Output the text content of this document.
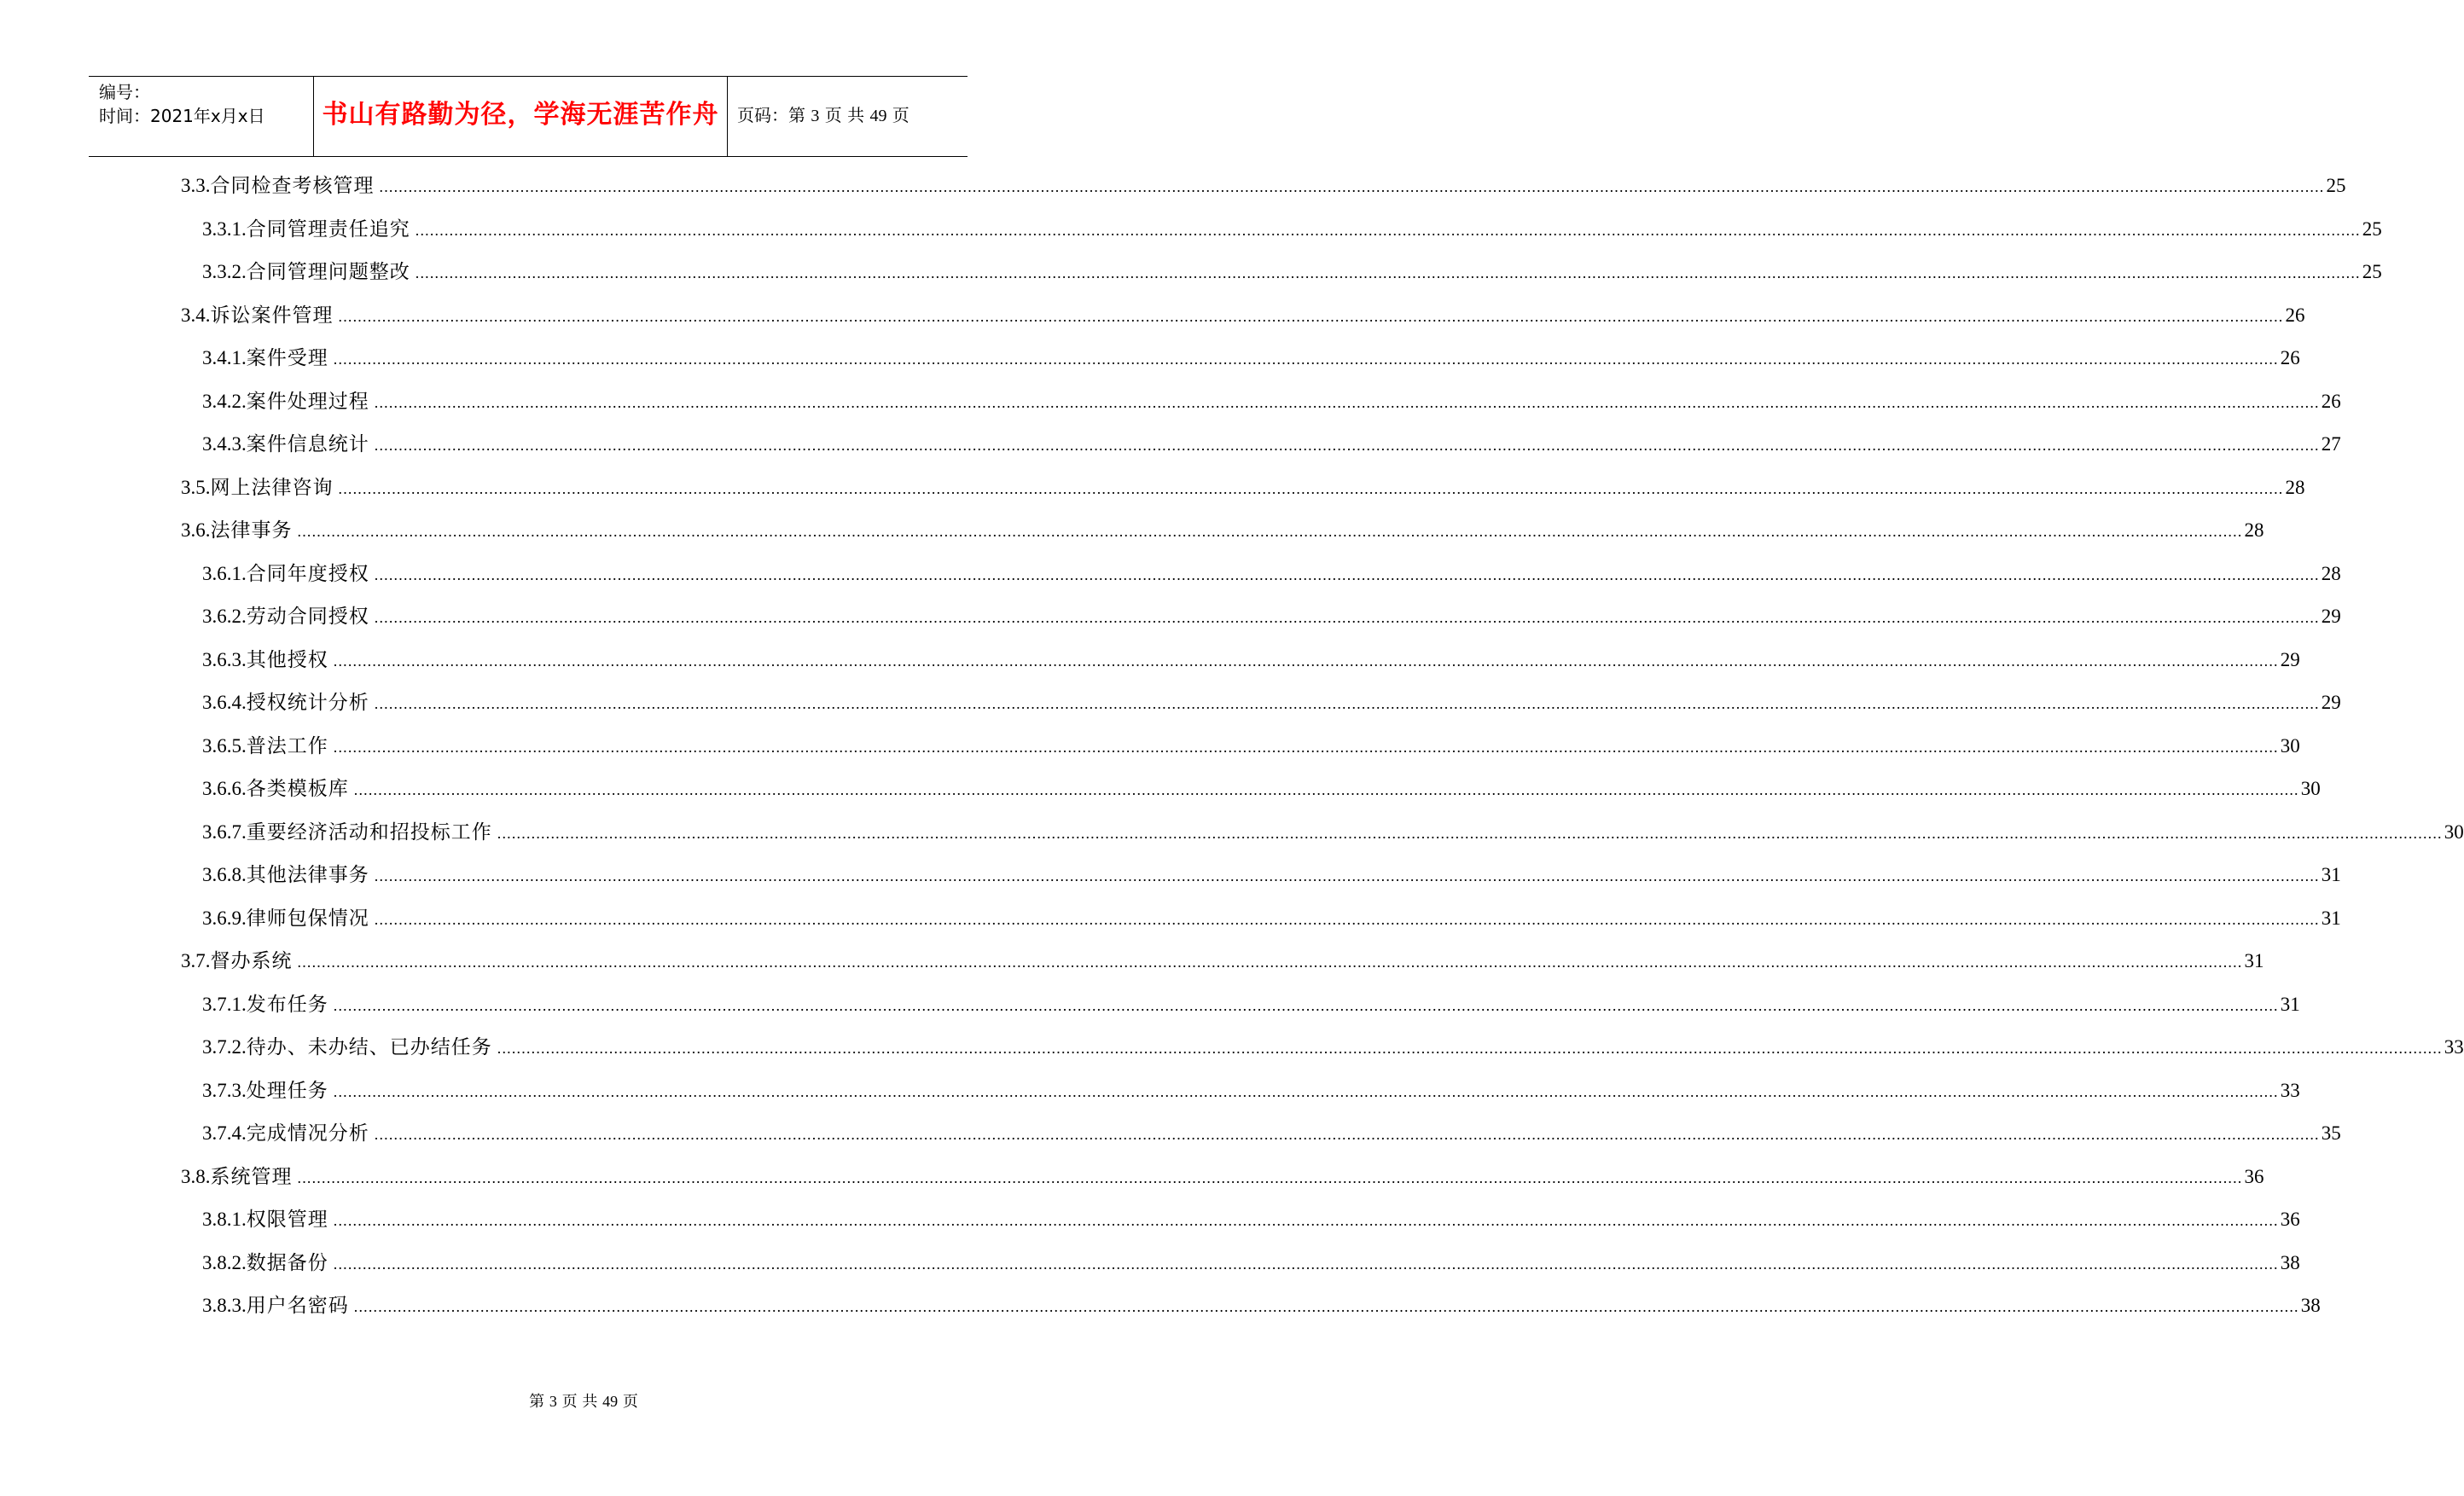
编号：
时间：2021年x月x日	书山有路勤为径，学海无涯苦作舟	页码：第 3 页 共 49 页
3.3. 合同检查考核管理 ................................................................................................................................................................................................................................................................................................................................................................................................................ 25
3.3.1. 合同管理责任追究 ................................................................................................................................................................................................................................................................................................................................................................................................................ 25
3.3.2. 合同管理问题整改 ................................................................................................................................................................................................................................................................................................................................................................................................................ 25
3.4. 诉讼案件管理 ................................................................................................................................................................................................................................................................................................................................................................................................................ 26
3.4.1. 案件受理 ................................................................................................................................................................................................................................................................................................................................................................................................................ 26
3.4.2. 案件处理过程 ................................................................................................................................................................................................................................................................................................................................................................................................................ 26
3.4.3. 案件信息统计 ................................................................................................................................................................................................................................................................................................................................................................................................................ 27
3.5. 网上法律咨询 ................................................................................................................................................................................................................................................................................................................................................................................................................ 28
3.6. 法律事务 ................................................................................................................................................................................................................................................................................................................................................................................................................ 28
3.6.1. 合同年度授权 ................................................................................................................................................................................................................................................................................................................................................................................................................ 28
3.6.2. 劳动合同授权 ................................................................................................................................................................................................................................................................................................................................................................................................................ 29
3.6.3. 其他授权 ................................................................................................................................................................................................................................................................................................................................................................................................................ 29
3.6.4. 授权统计分析 ................................................................................................................................................................................................................................................................................................................................................................................................................ 29
3.6.5. 普法工作 ................................................................................................................................................................................................................................................................................................................................................................................................................ 30
3.6.6. 各类模板库 ................................................................................................................................................................................................................................................................................................................................................................................................................ 30
3.6.7. 重要经济活动和招投标工作 ................................................................................................................................................................................................................................................................................................................................................................................................................ 30
3.6.8. 其他法律事务 ................................................................................................................................................................................................................................................................................................................................................................................................................ 31
3.6.9. 律师包保情况 ................................................................................................................................................................................................................................................................................................................................................................................................................ 31
3.7. 督办系统 ................................................................................................................................................................................................................................................................................................................................................................................................................ 31
3.7.1. 发布任务 ................................................................................................................................................................................................................................................................................................................................................................................................................ 31
3.7.2. 待办、未办结、已办结任务 ................................................................................................................................................................................................................................................................................................................................................................................................................ 33
3.7.3. 处理任务 ................................................................................................................................................................................................................................................................................................................................................................................................................ 33
3.7.4. 完成情况分析 ................................................................................................................................................................................................................................................................................................................................................................................................................ 35
3.8. 系统管理 ................................................................................................................................................................................................................................................................................................................................................................................................................ 36
3.8.1. 权限管理 ................................................................................................................................................................................................................................................................................................................................................................................................................ 36
3.8.2. 数据备份 ................................................................................................................................................................................................................................................................................................................................................................................................................ 38
3.8.3. 用户名密码 ................................................................................................................................................................................................................................................................................................................................................................................................................ 38
第 3 页 共 49 页
